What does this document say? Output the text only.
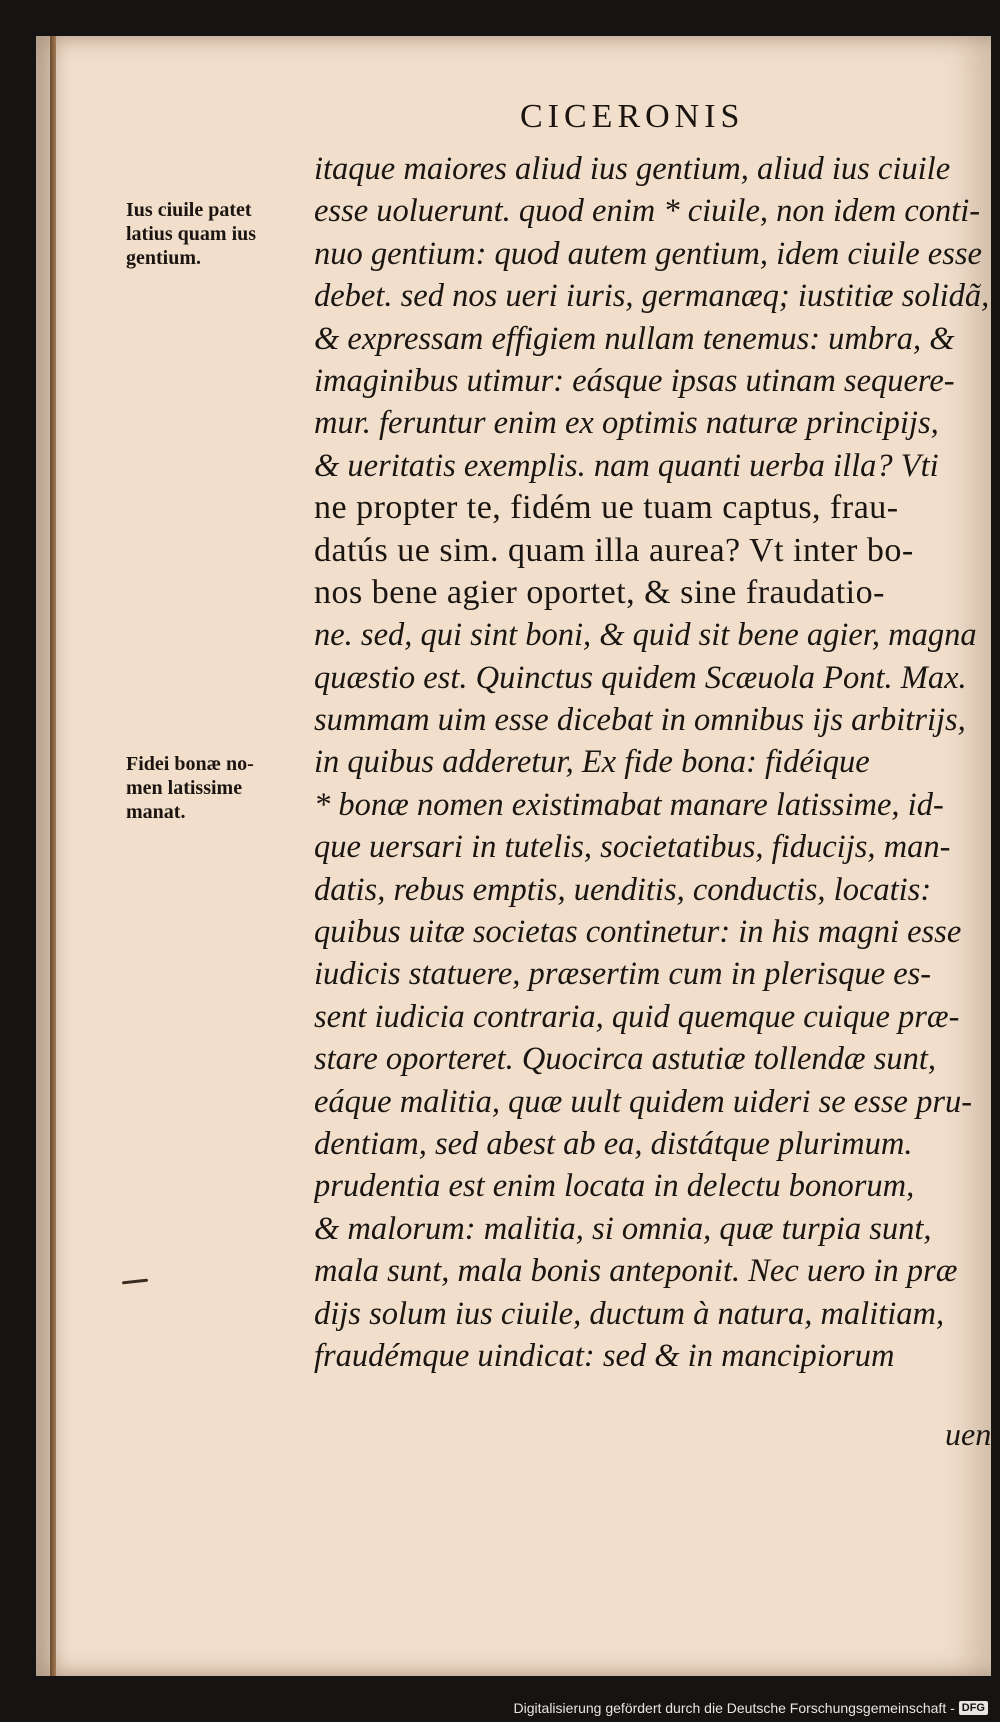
CICERONIS
Ius ciuile patet
latius quam ius
gentium.
Fidei bonæ no-
men latissime
manat.
itaque maiores aliud ius gentium, aliud ius ciuile
esse uoluerunt. quod enim * ciuile, non idem conti-
nuo gentium: quod autem gentium, idem ciuile esse
debet. sed nos ueri iuris, germanæq; iustitiæ solidã,
& expressam effigiem nullam tenemus: umbra, &
imaginibus utimur: eásque ipsas utinam sequere-
mur. feruntur enim ex optimis naturæ principijs,
& ueritatis exemplis. nam quanti uerba illa? Vti
ne propter te, fidém ue tuam captus, frau-
datús ue sim. quam illa aurea? Vt inter bo-
nos bene agier oportet, & sine fraudatio-
ne. sed, qui sint boni, & quid sit bene agier, magna
quæstio est. Quinctus quidem Scæuola Pont. Max.
summam uim esse dicebat in omnibus ijs arbitrijs,
in quibus adderetur, Ex fide bona: fidéique
* bonæ nomen existimabat manare latissime, id-
que uersari in tutelis, societatibus, fiducijs, man-
datis, rebus emptis, uenditis, conductis, locatis:
quibus uitæ societas continetur: in his magni esse
iudicis statuere, præsertim cum in plerisque es-
sent iudicia contraria, quid quemque cuique præ-
stare oporteret. Quocirca astutiæ tollendæ sunt,
eáque malitia, quæ uult quidem uideri se esse pru-
dentiam, sed abest ab ea, distátque plurimum.
prudentia est enim locata in delectu bonorum,
& malorum: malitia, si omnia, quæ turpia sunt,
mala sunt, mala bonis anteponit. Nec uero in præ
dijs solum ius ciuile, ductum à natura, malitiam,
fraudémque uindicat: sed & in mancipiorum
uen
Digitalisierung gefördert durch die Deutsche Forschungsgemeinschaft - DFG
